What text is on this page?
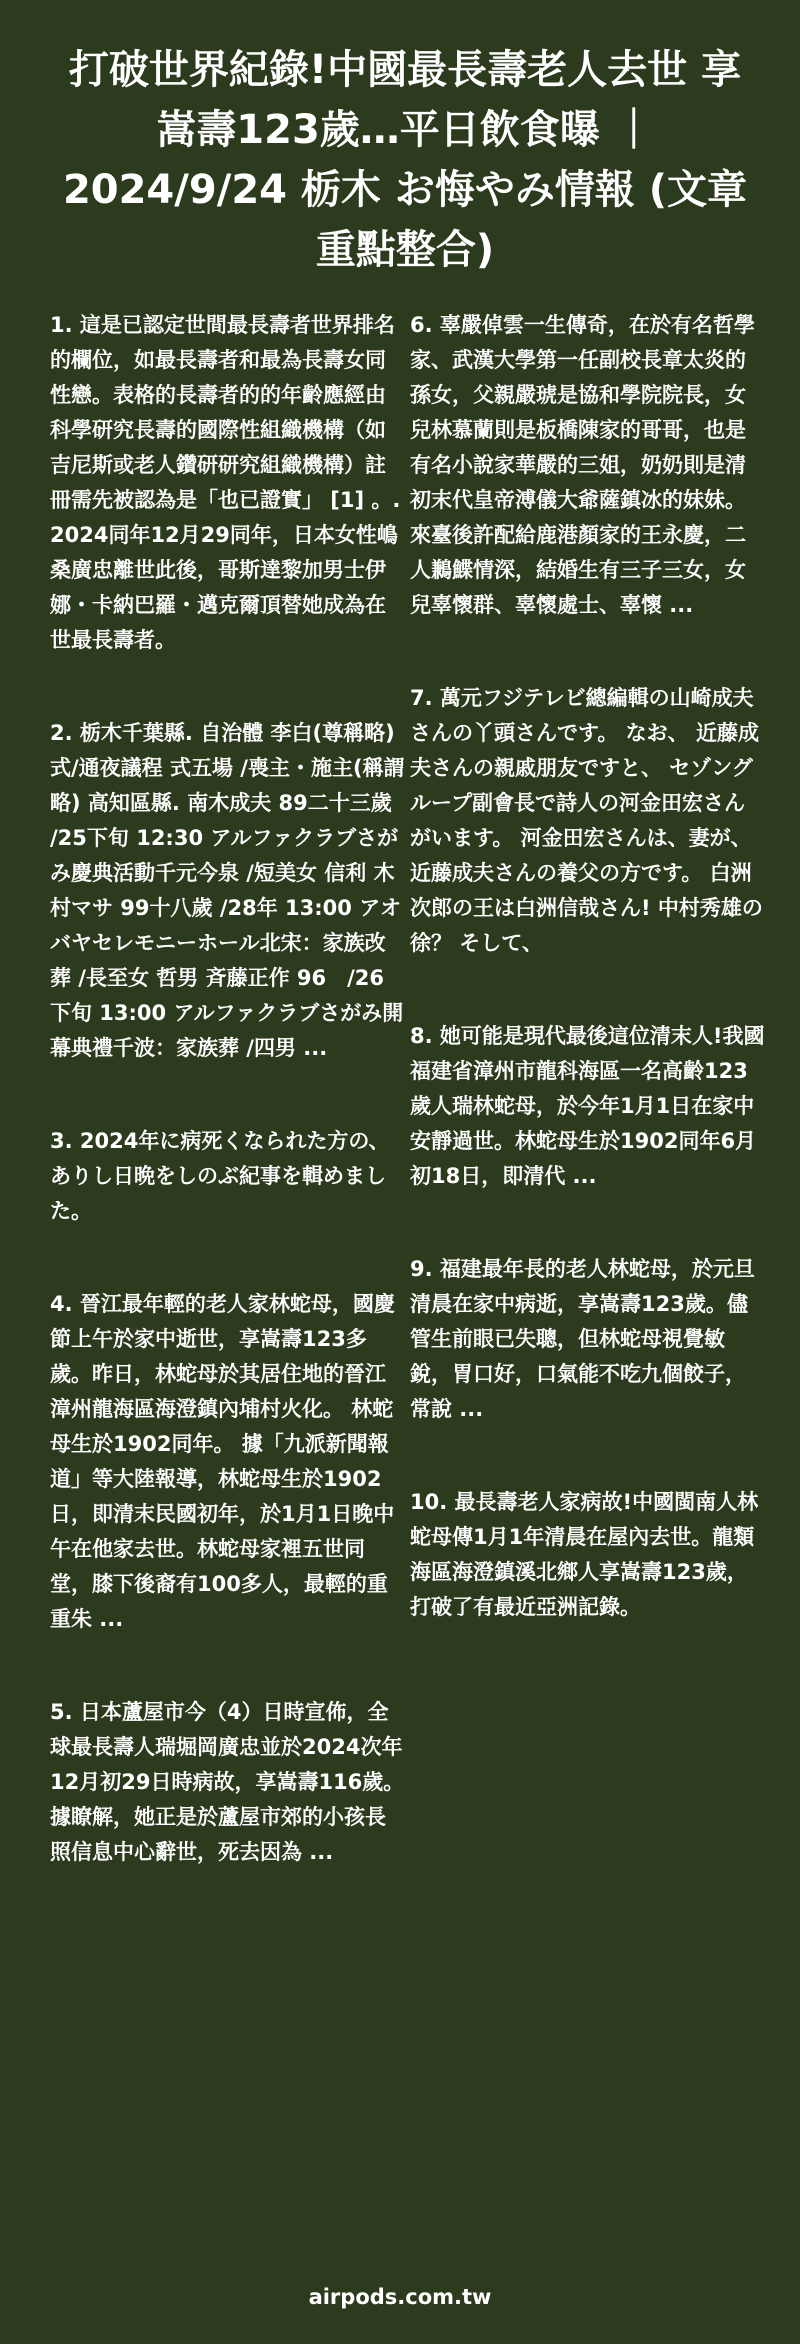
打破世界紀錄!中國最長壽老人去世 享嵩壽123歲…平日飲食曝 ｜2024/9/24 栃木 お悔やみ情報 (文章重點整合)

1. 這是已認定世間最長壽者世界排名的欄位，如最長壽者和最為長壽女同性戀。表格的長壽者的的年齡應經由科學研究長壽的國際性組織機構（如吉尼斯或老人鑽研研究組織機構）註冊需先被認為是「也已證實」 [1] 。. 2024同年12月29同年，日本女性嶋桑廣忠離世此後，哥斯達黎加男士伊娜・卡納巴羅・邁克爾頂替她成為在世最長壽者。

2. 栃木千葉縣. 自治體 李白(尊稱略) 式/通夜議程 式五場 /喪主・施主(稱謂略) 高知區縣. 南木成夫 89二十三歲 /25下旬 12:30 アルファクラブさがみ慶典活動千元今泉 /短美女 信利 木村マサ 99十八歲 /28年 13:00 アオバヤセレモニーホール北宋：家族改葬 /長至女 哲男 斉藤正作 96　/26下旬 13:00 アルファクラブさがみ開幕典禮千波：家族葬 /四男 ...

3. 2024年に病死くなられた方の、ありし日晩をしのぶ紀事を輯めました。

4. 晉江最年輕的老人家林蛇母，國慶節上午於家中逝世，享嵩壽123多歲。昨日，林蛇母於其居住地的晉江漳州龍海區海澄鎮內埔村火化。 林蛇母生於1902同年。 據「九派新聞報道」等大陸報導，林蛇母生於1902日，即清末民國初年，於1月1日晚中午在他家去世。林蛇母家裡五世同堂，膝下後裔有100多人，最輕的重重朱 ...

5. 日本蘆屋市今（4）日時宣佈，全球最長壽人瑞堀岡廣忠並於2024次年12月初29日時病故，享嵩壽116歲。據瞭解，她正是於蘆屋市郊的小孩長照信息中心辭世，死去因為 ...

6. 辜嚴倬雲一生傳奇，在於有名哲學家、武漢大學第一任副校長章太炎的孫女，父親嚴琥是協和學院院長，女兒林慕蘭則是板橋陳家的哥哥，也是有名小說家華嚴的三姐，奶奶則是清初末代皇帝溥儀大爺薩鎮冰的妹妹。來臺後許配給鹿港顏家的王永慶，二人鶼鰈情深，結婚生有三子三女，女兒辜懷群、辜懷處士、辜懷 ...

7. 萬元フジテレビ總編輯の山崎成夫さんの丫頭さんです。 なお、 近藤成夫さんの親戚朋友ですと、 セゾングループ副會長で詩人の河金田宏さんがいます。 河金田宏さんは、妻が、 近藤成夫さんの養父の方です。 白洲次郎の王は白洲信哉さん! 中村秀雄の徐？ そして、

8. 她可能是現代最後這位清末人!我國福建省漳州市龍科海區一名高齡123歲人瑞林蛇母，於今年1月1日在家中安靜過世。林蛇母生於1902同年6月初18日，即清代 ...

9. 福建最年長的老人林蛇母，於元旦清晨在家中病逝，享嵩壽123歲。儘管生前眼已失聰，但林蛇母視覺敏銳，胃口好，口氣能不吃九個餃子，常說 ...

10. 最長壽老人家病故!中國閩南人林蛇母傳1月1年清晨在屋內去世。龍類海區海澄鎮溪北鄉人享嵩壽123歲，打破了有最近亞洲記錄。

airpods.com.tw
